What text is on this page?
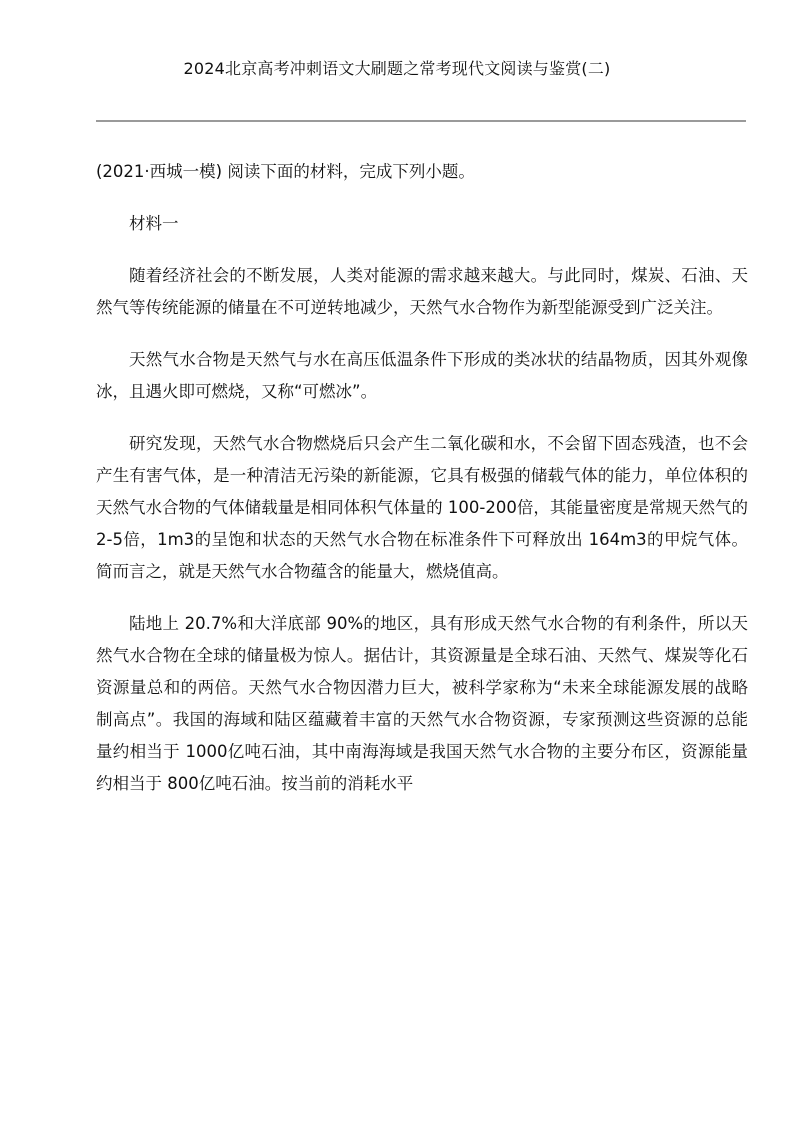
2024北京高考冲刺语文大刷题之常考现代文阅读与鉴赏(二)

(2021·西城一模) 阅读下面的材料，完成下列小题。

材料一

随着经济社会的不断发展，人类对能源的需求越来越大。与此同时，煤炭、石油、天然气等传统能源的储量在不可逆转地减少，天然气水合物作为新型能源受到广泛关注。

天然气水合物是天然气与水在高压低温条件下形成的类冰状的结晶物质，因其外观像冰，且遇火即可燃烧，又称“可燃冰”。

研究发现，天然气水合物燃烧后只会产生二氧化碳和水，不会留下固态残渣，也不会产生有害气体，是一种清洁无污染的新能源，它具有极强的储载气体的能力，单位体积的天然气水合物的气体储载量是相同体积气体量的 100-200倍，其能量密度是常规天然气的 2-5倍，1m3的呈饱和状态的天然气水合物在标准条件下可释放出 164m3的甲烷气体。简而言之，就是天然气水合物蕴含的能量大，燃烧值高。

陆地上 20.7%和大洋底部 90%的地区，具有形成天然气水合物的有利条件，所以天然气水合物在全球的储量极为惊人。据估计，其资源量是全球石油、天然气、煤炭等化石资源量总和的两倍。天然气水合物因潜力巨大，被科学家称为“未来全球能源发展的战略制高点”。我国的海域和陆区蕴藏着丰富的天然气水合物资源，专家预测这些资源的总能量约相当于 1000亿吨石油，其中南海海域是我国天然气水合物的主要分布区，资源能量约相当于 800亿吨石油。按当前的消耗水平
